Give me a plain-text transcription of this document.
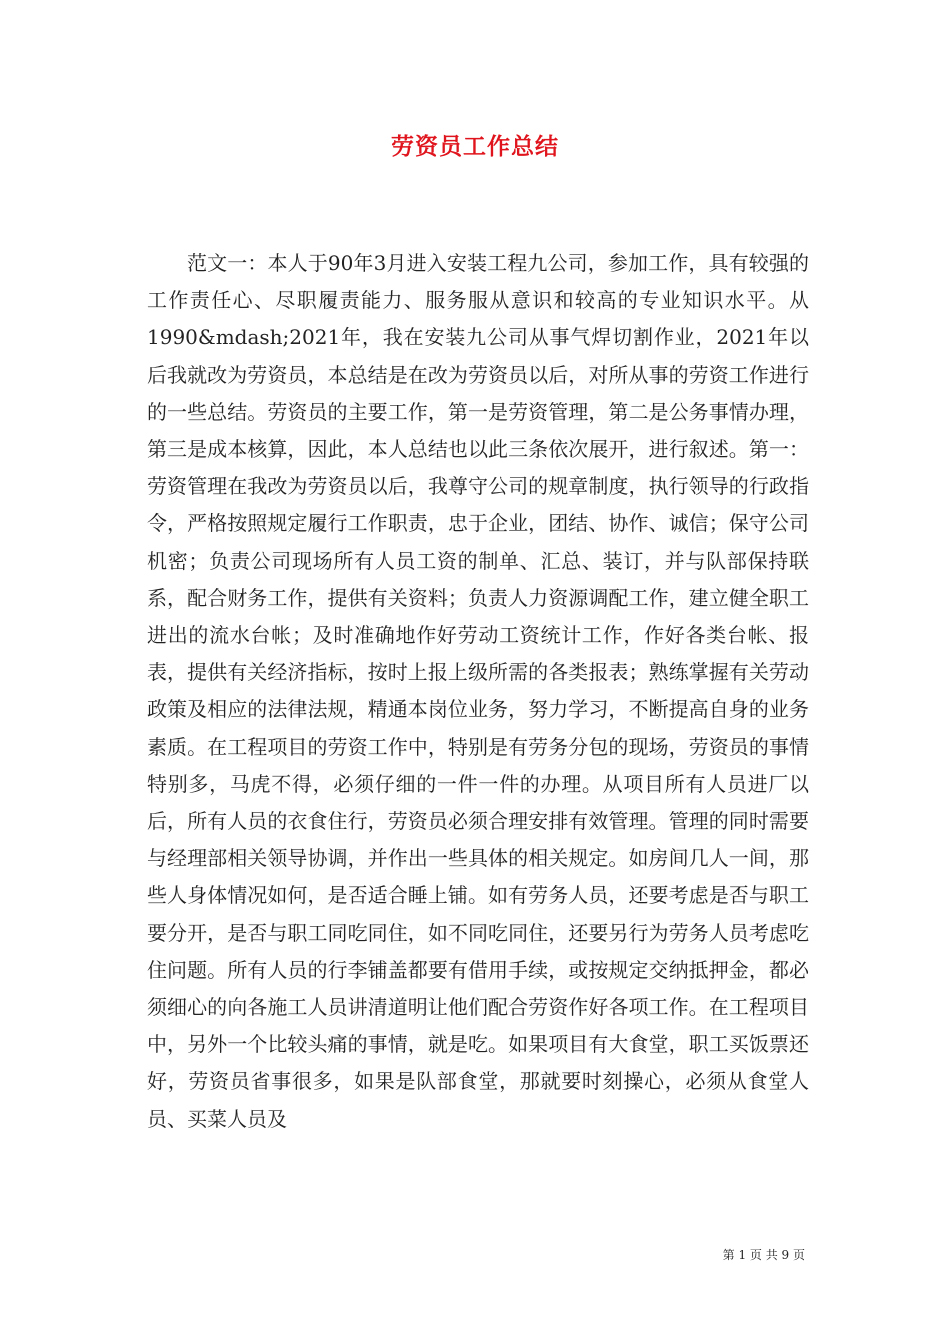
劳资员工作总结

范文一：本人于90年3月进入安装工程九公司，参加工作，具有较强的工作责任心、尽职履责能力、服务服从意识和较高的专业知识水平。从1990&mdash;2021年，我在安装九公司从事气焊切割作业，2021年以后我就改为劳资员，本总结是在改为劳资员以后，对所从事的劳资工作进行的一些总结。劳资员的主要工作，第一是劳资管理，第二是公务事情办理，第三是成本核算，因此，本人总结也以此三条依次展开，进行叙述。第一：劳资管理在我改为劳资员以后，我尊守公司的规章制度，执行领导的行政指令，严格按照规定履行工作职责，忠于企业，团结、协作、诚信；保守公司机密；负责公司现场所有人员工资的制单、汇总、装订，并与队部保持联系，配合财务工作，提供有关资料；负责人力资源调配工作，建立健全职工进出的流水台帐；及时准确地作好劳动工资统计工作，作好各类台帐、报表，提供有关经济指标，按时上报上级所需的各类报表；熟练掌握有关劳动政策及相应的法律法规，精通本岗位业务，努力学习，不断提高自身的业务素质。在工程项目的劳资工作中，特别是有劳务分包的现场，劳资员的事情特别多，马虎不得，必须仔细的一件一件的办理。从项目所有人员进厂以后，所有人员的衣食住行，劳资员必须合理安排有效管理。管理的同时需要与经理部相关领导协调，并作出一些具体的相关规定。如房间几人一间，那些人身体情况如何，是否适合睡上铺。如有劳务人员，还要考虑是否与职工要分开，是否与职工同吃同住，如不同吃同住，还要另行为劳务人员考虑吃住问题。所有人员的行李铺盖都要有借用手续，或按规定交纳抵押金，都必须细心的向各施工人员讲清道明让他们配合劳资作好各项工作。在工程项目中，另外一个比较头痛的事情，就是吃。如果项目有大食堂，职工买饭票还好，劳资员省事很多，如果是队部食堂，那就要时刻操心，必须从食堂人员、买菜人员及

第 1 页 共 9 页
